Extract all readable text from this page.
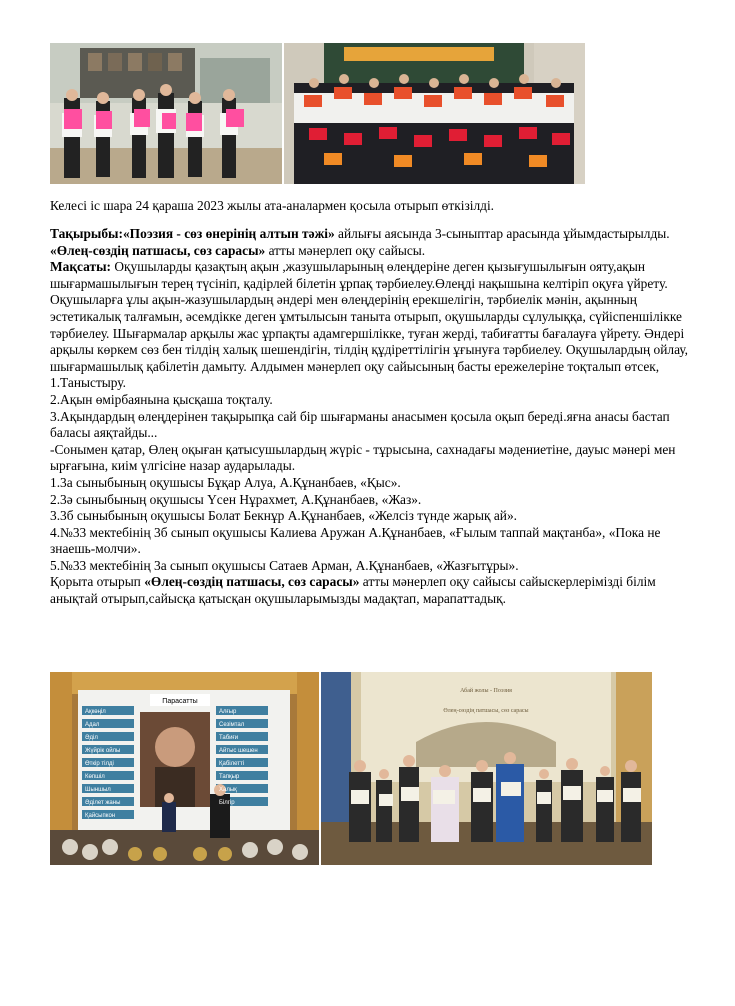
Келесі іс шара 24 қараша 2023 жылы ата-аналармен қосыла отырып өткізілді.

Тақырыбы:«Поэзия - сөз өнерінің алтын тәжі» айлығы аясында 3-сыныптар арасында ұйымдастырылды. «Өлең-сөздің патшасы, сөз сарасы» атты мәнерлеп оқу сайысы.

Мақсаты: Оқушыларды қазақтың ақын ,жазушыларының өлеңдеріне деген қызығушылығын ояту,ақын шығармашылығын терең түсініп, қадірлей білетін ұрпақ тәрбиелеу.Өлеңді нақышына келтіріп оқуға үйрету. Оқушыларға ұлы ақын-жазушылардың әндері мен өлеңдерінің ерекшелігін, тәрбиелік мәнін, ақынның эстетикалық талғамын, әсемдікке деген ұмтылысын таныта отырып, оқушыларды сұлулыққа, сүйіспеншілікке тәрбиелеу. Шығармалар арқылы жас ұрпақты адамгершілікке, туған жерді, табиғатты бағалауға үйрету. Әндері арқылы көркем сөз бен тілдің халық шешендігін, тілдің құдіреттілігін ұғынуға тәрбиелеу. Оқушылардың ойлау, шығармашылық қабілетін дамыту. Алдымен мәнерлеп оқу сайысының басты ережелеріне тоқталып өтсек,

1.Таныстыру.

2.Ақын өмірбаянына қысқаша тоқталу.

3.Ақындардың өлеңдерінен тақырыпқа сай бір шығарманы анасымен қосыла оқып береді.яғна анасы бастап баласы аяқтайды...

-Сонымен қатар, Өлең оқыған қатысушылардың жүріс - тұрысына, сахнадағы мәдениетіне, дауыс мәнері мен ырғағына, киім үлгісіне назар аударылады.

1.3а сыныбының оқушысы Бұқар Алуа, А.Құнанбаев, «Қыс».

2.3ә сыныбының оқушысы Үсен Нұрахмет, А.Құнанбаев, «Жаз».

3.3б сыныбының оқушысы Болат Бекнұр А.Құнанбаев, «Желсіз түнде жарық ай».

4.№33 мектебінің 3б сынып оқушысы Калиева Аружан А.Құнанбаев, «Ғылым таппай мақтанба», «Пока не знаешь-молчи».

5.№33 мектебінің 3а сынып оқушысы Сатаев Арман, А.Құнанбаев, «Жазғытұры».

Қорыта отырып «Өлең-сөздің патшасы, сөз сарасы» атты мәнерлеп оқу сайысы сайыскерлерімізді білім анықтай отырып,сайысқа қатысқан оқушыларымызды мадақтап, марапаттадық.

Парасатты
Ақкөңіл
Адал
Әділ
Жүйрік ойлы
Өткір тілді
Көпшіл
Шыншыл
Әділет жаны
Қайсыпкон
Алғыр
Сезімтал
Табиғи
Айтыс шешен
Қабілетті
Тапқыр
Халық
Білгір
Абай жолы - Поэзия
Өлең-сөздің патшасы, сөз сарасы
